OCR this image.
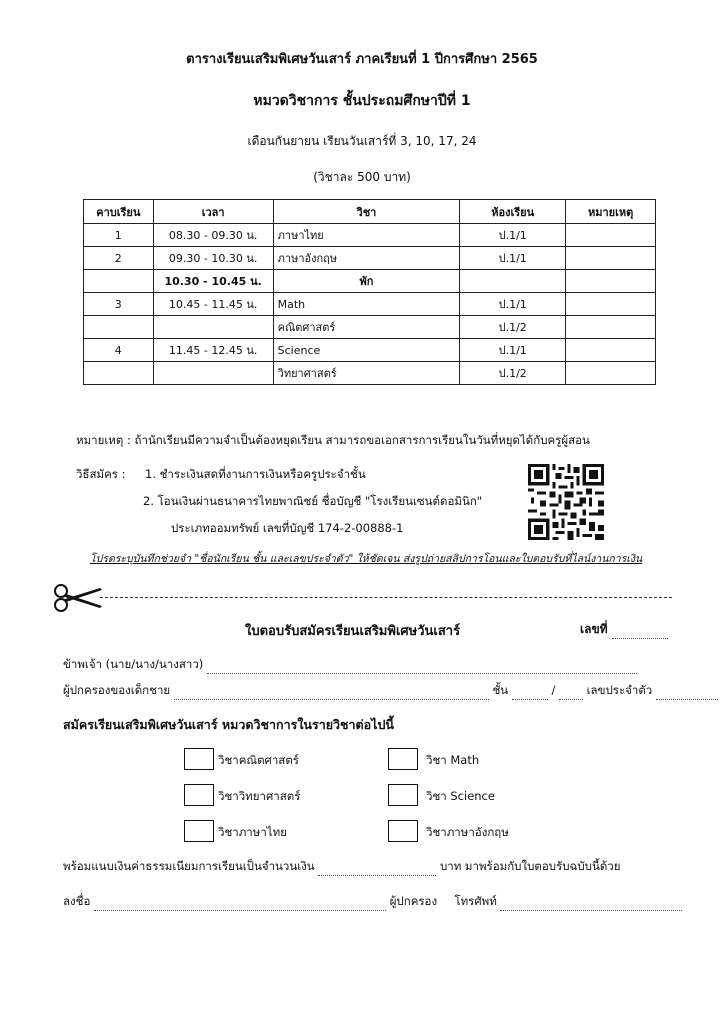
ตารางเรียนเสริมพิเศษวันเสาร์ ภาคเรียนที่ 1 ปีการศึกษา 2565
หมวดวิชาการ ชั้นประถมศึกษาปีที่ 1
เดือนกันยายน เรียนวันเสาร์ที่ 3, 10, 17, 24
(วิชาละ 500 บาท)
คาบเรียน	เวลา	วิชา	ห้องเรียน	หมายเหตุ
1	08.30 - 09.30 น.	ภาษาไทย	ป.1/1	
2	09.30 - 10.30 น.	ภาษาอังกฤษ	ป.1/1	
	10.30 - 10.45 น.	พัก		
3	10.45 - 11.45 น.	Math	ป.1/1	
		คณิตศาสตร์	ป.1/2	
4	11.45 - 12.45 น.	Science	ป.1/1	
		วิทยาศาสตร์	ป.1/2	
หมายเหตุ : ถ้านักเรียนมีความจำเป็นต้องหยุดเรียน สามารถขอเอกสารการเรียนในวันที่หยุดได้กับครูผู้สอน
วิธีสมัคร : 1. ชำระเงินสดที่งานการเงินหรือครูประจำชั้น
2. โอนเงินผ่านธนาคารไทยพาณิชย์ ชื่อบัญชี "โรงเรียนเซนต์ดอมินิก"
ประเภทออมทรัพย์ เลขที่บัญชี 174-2-00888-1
โปรดระบุบันทึกช่วยจำ "ชื่อนักเรียน ชั้น และเลขประจำตัว" ให้ชัดเจน ส่งรูปถ่ายสลิปการโอนและใบตอบรับที่ไลน์งานการเงิน
ใบตอบรับสมัครเรียนเสริมพิเศษวันเสาร์	เลขที่
ข้าพเจ้า (นาย/นาง/นางสาว)
ผู้ปกครองของเด็กชาย	ชั้น	/	เลขประจำตัว
สมัครเรียนเสริมพิเศษวันเสาร์ หมวดวิชาการในรายวิชาต่อไปนี้
วิชาคณิตศาสตร์	วิชา Math
วิชาวิทยาศาสตร์	วิชา Science
วิชาภาษาไทย	วิชาภาษาอังกฤษ
พร้อมแนบเงินค่าธรรมเนียมการเรียนเป็นจำนวนเงิน	บาท มาพร้อมกับใบตอบรับฉบับนี้ด้วย
ลงชื่อ	ผู้ปกครอง โทรศัพท์
